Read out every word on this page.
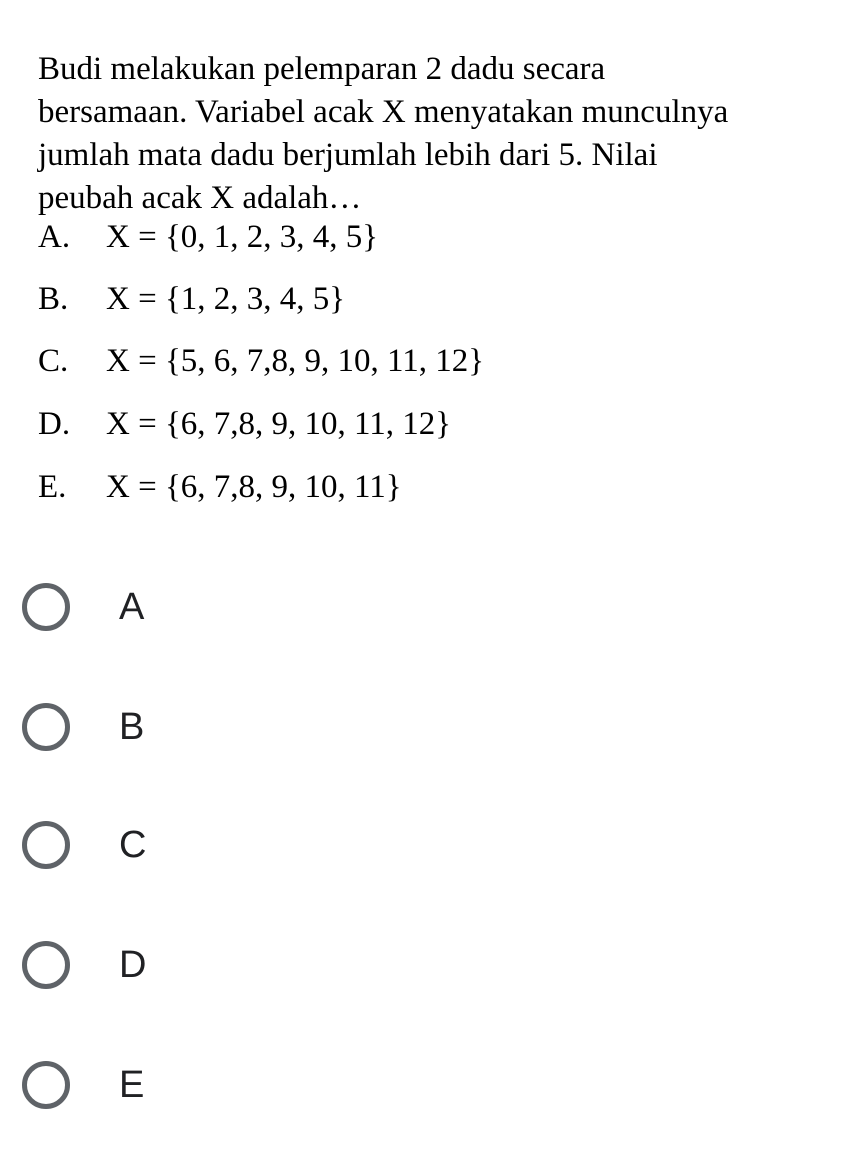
Budi melakukan pelemparan 2 dadu secara
bersamaan. Variabel acak X menyatakan munculnya
jumlah mata dadu berjumlah lebih dari 5. Nilai
peubah acak X adalah…

A. X = {0, 1, 2, 3, 4, 5}
B. X = {1, 2, 3, 4, 5}
C. X = {5, 6, 7,8, 9, 10, 11, 12}
D. X = {6, 7,8, 9, 10, 11, 12}
E. X = {6, 7,8, 9, 10, 11}
A
B
C
D
E
